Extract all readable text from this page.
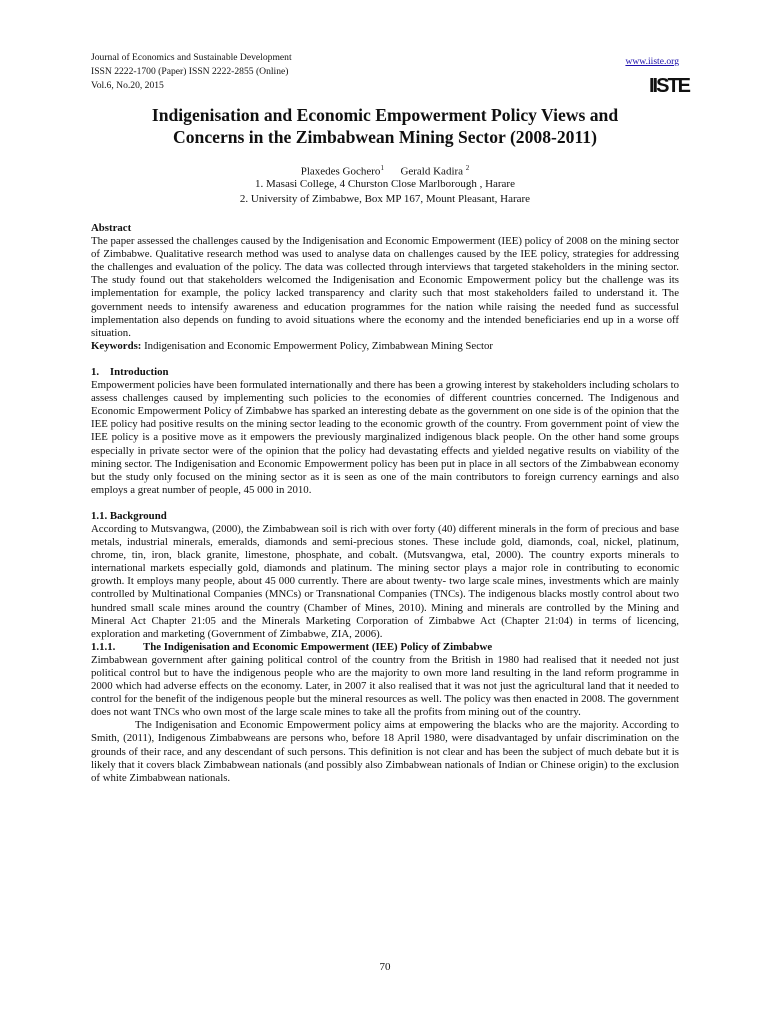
Journal of Economics and Sustainable Development
ISSN 2222-1700 (Paper) ISSN 2222-2855 (Online)
Vol.6, No.20, 2015
www.iiste.org
IISTE
Indigenisation and Economic Empowerment Policy Views and
Concerns in the Zimbabwean Mining Sector (2008-2011)
Plaxedes Gochero$^1$ Gerald Kadira $^2$
1. Masasi College, 4 Churston Close Marlborough , Harare
2. University of Zimbabwe, Box MP 167, Mount Pleasant, Harare

Abstract

The paper assessed the challenges caused by the Indigenisation and Economic Empowerment (IEE) policy of 2008 on the mining sector of Zimbabwe. Qualitative research method was used to analyse data on challenges caused by the IEE policy, strategies for addressing the challenges and evaluation of the policy. The data was collected through interviews that targeted stakeholders in the mining sector. The study found out that stakeholders welcomed the Indigenisation and Economic Empowerment policy but the challenge was its implementation for example, the policy lacked transparency and clarity such that most stakeholders failed to understand it. The government needs to intensify awareness and education programmes for the nation while raising the needed fund as successful implementation also depends on funding to avoid situations where the economy and the intended beneficiaries end up in a worse off situation.

Keywords: Indigenisation and Economic Empowerment Policy, Zimbabwean Mining Sector

1. Introduction

Empowerment policies have been formulated internationally and there has been a growing interest by stakeholders including scholars to assess challenges caused by implementing such policies to the economies of different countries concerned. The Indigenous and Economic Empowerment Policy of Zimbabwe has sparked an interesting debate as the government on one side is of the opinion that the IEE policy had positive results on the mining sector leading to the economic growth of the country. From government point of view the IEE policy is a positive move as it empowers the previously marginalized indigenous black people. On the other hand some groups especially in private sector were of the opinion that the policy had devastating effects and yielded negative results on viability of the mining sector. The Indigenisation and Economic Empowerment policy has been put in place in all sectors of the Zimbabwean economy but the study only focused on the mining sector as it is seen as one of the main contributors to foreign currency earnings and also employs a great number of people, 45 000 in 2010.

1.1. Background

According to Mutsvangwa, (2000), the Zimbabwean soil is rich with over forty (40) different minerals in the form of precious and base metals, industrial minerals, emeralds, diamonds and semi-precious stones. These include gold, diamonds, coal, nickel, platinum, chrome, tin, iron, black granite, limestone, phosphate, and cobalt. (Mutsvangwa, etal, 2000). The country exports minerals to international markets especially gold, diamonds and platinum. The mining sector plays a major role in contributing to economic growth. It employs many people, about 45 000 currently. There are about twenty- two large scale mines, investments which are mainly controlled by Multinational Companies (MNCs) or Transnational Companies (TNCs). The indigenous blacks mostly control about two hundred small scale mines around the country (Chamber of Mines, 2010). Mining and minerals are controlled by the Mining and Mineral Act Chapter 21:05 and the Minerals Marketing Corporation of Zimbabwe Act (Chapter 21:04) in terms of licencing, exploration and marketing (Government of Zimbabwe, ZIA, 2006).

1.1.1.	The Indigenisation and Economic Empowerment (IEE) Policy of Zimbabwe

Zimbabwean government after gaining political control of the country from the British in 1980 had realised that it needed not just political control but to have the indigenous people who are the majority to own more land resulting in the land reform programme in 2000 which had adverse effects on the economy. Later, in 2007 it also realised that it was not just the agricultural land that it needed to control for the benefit of the indigenous people but the mineral resources as well. The policy was then enacted in 2008. The government does not want TNCs who own most of the large scale mines to take all the profits from mining out of the country.

The Indigenisation and Economic Empowerment policy aims at empowering the blacks who are the majority. According to Smith, (2011), Indigenous Zimbabweans are persons who, before 18 April 1980, were disadvantaged by unfair discrimination on the grounds of their race, and any descendant of such persons. This definition is not clear and has been the subject of much debate but it is likely that it covers black Zimbabwean nationals (and possibly also Zimbabwean nationals of Indian or Chinese origin) to the exclusion of white Zimbabwean nationals.

70
